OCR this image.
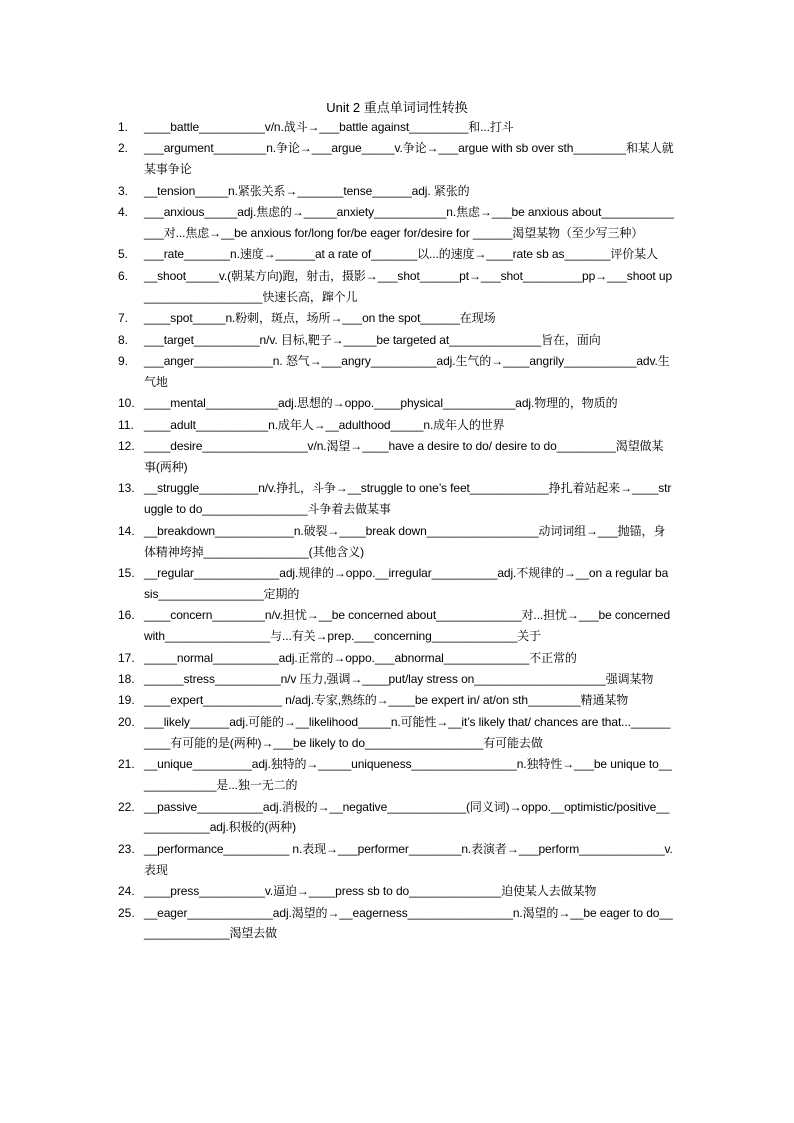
Unit 2 重点单词词性转换
1.	____battle__________v/n.战斗→___battle against_________和...打斗
2.	___argument________n.争论→___argue_____v.争论→___argue with sb over sth________和某人就某事争论
3.	__tension_____n.紧张关系→_______tense______adj. 紧张的
4.	___anxious_____adj.焦虑的→_____anxiety___________n.焦虑→___be anxious about______________对...焦虑→__be anxious for/long for/be eager for/desire for ______渴望某物（至少写三种）
5.	___rate_______n.速度→______at a rate of_______以...的速度→____rate sb as_______评价某人
6.	__shoot_____v.(朝某方向)跑，射击，摄影→___shot______pt→___shot_________pp→___shoot up__________________快速长高，蹿个儿
7.	____spot_____n.粉刺，斑点，场所→___on the spot______在现场
8.	___target__________n/v. 目标,靶子→_____be targeted at______________旨在，面向
9.	___anger____________n. 怒气→___angry__________adj.生气的→____angrily___________adv.生气地
10. ____mental___________adj.思想的→oppo.____physical___________adj.物理的，物质的
11. ____adult___________n.成年人→__adulthood_____n.成年人的世界
12. ____desire________________v/n.渴望→____have a desire to do/ desire to do_________渴望做某事(两种)
13. __struggle_________n/v.挣扎，斗争→__struggle to one’s feet____________挣扎着站起来→____struggle to do________________斗争着去做某事
14. __breakdown____________n.破裂→____break down_________________动词词组→___抛锚，身体精神垮掉________________(其他含义)
15. __regular_____________adj.规律的→oppo.__irregular__________adj.不规律的→__on a regular basis________________定期的
16. ____concern________n/v.担忧→__be concerned about_____________对...担忧→___be concerned with________________与...有关→prep.___concerning_____________关于
17. _____normal__________adj.正常的→oppo.___abnormal_____________不正常的
18. ______stress__________n/v 压力,强调→____put/lay stress on____________________强调某物
19. ____expert____________ n/adj.专家,熟练的→____be expert in/ at/on sth________精通某物
20. ___likely______adj.可能的→__likelihood_____n.可能性→__it’s likely that/ chances are that...__________有可能的是(两种)→___be likely to do__________________有可能去做
21. __unique_________adj.独特的→_____uniqueness________________n.独特性→___be unique to_____________是...独一无二的
22. __passive__________adj.消极的→__negative____________(同义词)→oppo.__optimistic/positive____________adj.积极的(两种)
23. __performance__________ n.表现→___performer________n.表演者→___perform_____________v.表现
24. ____press__________v.逼迫→____press sb to do______________迫使某人去做某物
25. __eager_____________adj.渴望的→__eagerness________________n.渴望的→__be eager to do_______________渴望去做
